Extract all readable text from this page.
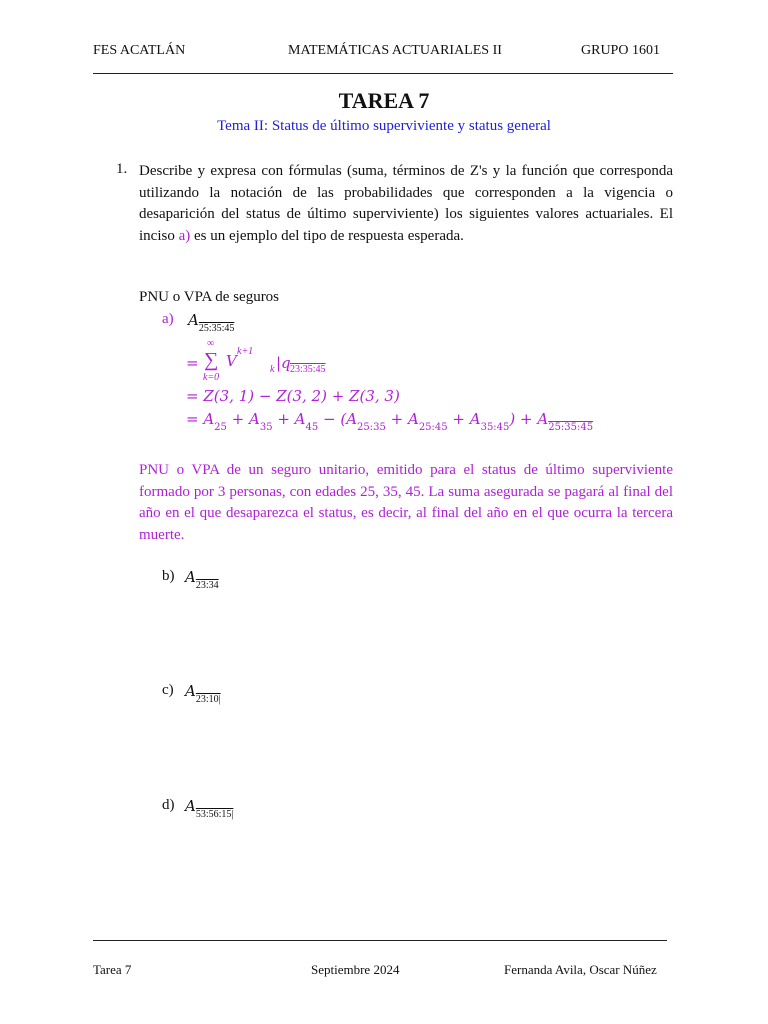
FES ACATLÁN	MATEMÁTICAS ACTUARIALES II	GRUPO 1601
TAREA 7
Tema II: Status de último superviviente y status general
1. Describe y expresa con fórmulas (suma, términos de Z's y la función que corresponda utilizando la notación de las probabilidades que corresponden a la vigencia o desaparición del status de último superviviente) los siguientes valores actuariales. El inciso a) es un ejemplo del tipo de respuesta esperada.
PNU o VPA de seguros
a) $A_{25:35:45}$
=
∞
∑
k=0
V
k+1
k |q 23:35:45
= Z(3, 1) − Z(3, 2) + Z(3, 3)
= $A_{25} + A_{35} + A_{45} - (A_{25:35} + A_{25:45} + A_{35:45}) + A_{25:35:45}$
PNU o VPA de un seguro unitario, emitido para el status de último superviviente formado por 3 personas, con edades 25, 35, 45. La suma asegurada se pagará al final del año en el que desaparezca el status, es decir, al final del año en el que ocurra la tercera muerte.
b) $A_{23:34}$
c) $A_{23:10|}$
d) $A_{53:56:15|}$
Tarea 7	Septiembre 2024	Fernanda Avila, Oscar Núñez
